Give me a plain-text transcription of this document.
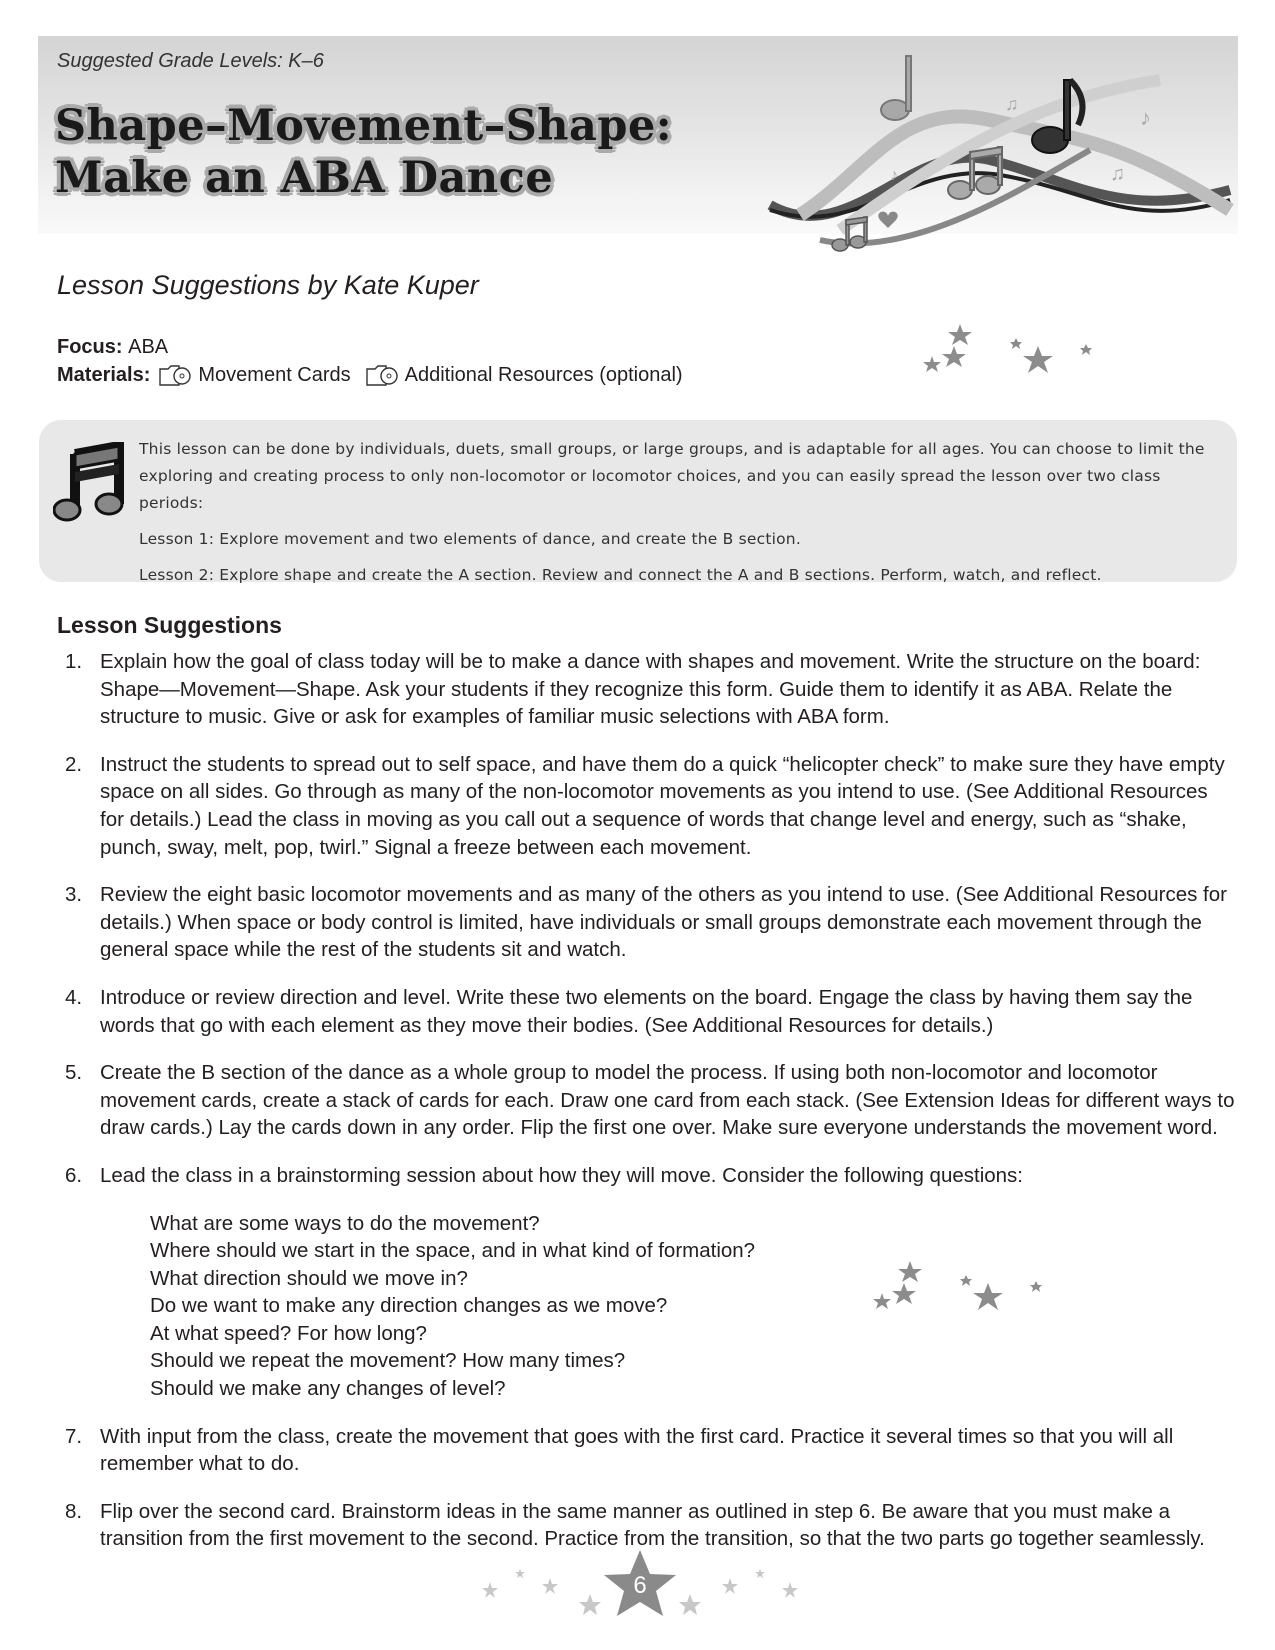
Suggested Grade Levels: K–6
Shape–Movement–Shape:
Make an ABA Dance
♫
♫
♪
♪
Lesson Suggestions by Kate Kuper
Focus:
ABA
Materials: Movement Cards	Additional Resources (optional)

This lesson can be done by individuals, duets, small groups, or large groups, and is adaptable for all ages. You can choose to limit the

exploring and creating process to only non-locomotor or locomotor choices, and you can easily spread the lesson over two class periods:

Lesson 1: Explore movement and two elements of dance, and create the B section.

Lesson 2: Explore shape and create the A section. Review and connect the A and B sections. Perform, watch, and reflect.

Lesson Suggestions
1. Explain how the goal of class today will be to make a dance with shapes and movement. Write the structure on the board: Shape—Movement—Shape. Ask your students if they recognize this form. Guide them to identify it as ABA. Relate the structure to music. Give or ask for examples of familiar music selections with ABA form.
2. Instruct the students to spread out to self space, and have them do a quick “helicopter check” to make sure they have empty space on all sides. Go through as many of the non-locomotor movements as you intend to use. (See Additional Resources for details.) Lead the class in moving as you call out a sequence of words that change level and energy, such as “shake, punch, sway, melt, pop, twirl.” Signal a freeze between each movement.
3. Review the eight basic locomotor movements and as many of the others as you intend to use. (See Additional Resources for details.) When space or body control is limited, have individuals or small groups demonstrate each movement through the general space while the rest of the students sit and watch.
4. Introduce or review direction and level. Write these two elements on the board. Engage the class by having them say the words that go with each element as they move their bodies. (See Additional Resources for details.)
5. Create the B section of the dance as a whole group to model the process. If using both non-locomotor and locomotor movement cards, create a stack of cards for each. Draw one card from each stack. (See Extension Ideas for different ways to draw cards.) Lay the cards down in any order. Flip the first one over. Make sure everyone understands the movement word.
6. Lead the class in a brainstorming session about how they will move. Consider the following questions:
What are some ways to do the movement?
Where should we start in the space, and in what kind of formation?
What direction should we move in?
Do we want to make any direction changes as we move?
At what speed? For how long?
Should we repeat the movement? How many times?
Should we make any changes of level?
7. With input from the class, create the movement that goes with the first card. Practice it several times so that you will all remember what to do.
8. Flip over the second card. Brainstorm ideas in the same manner as outlined in step 6. Be aware that you must make a transition from the first movement to the second. Practice from the transition, so that the two parts go together seamlessly.
6
